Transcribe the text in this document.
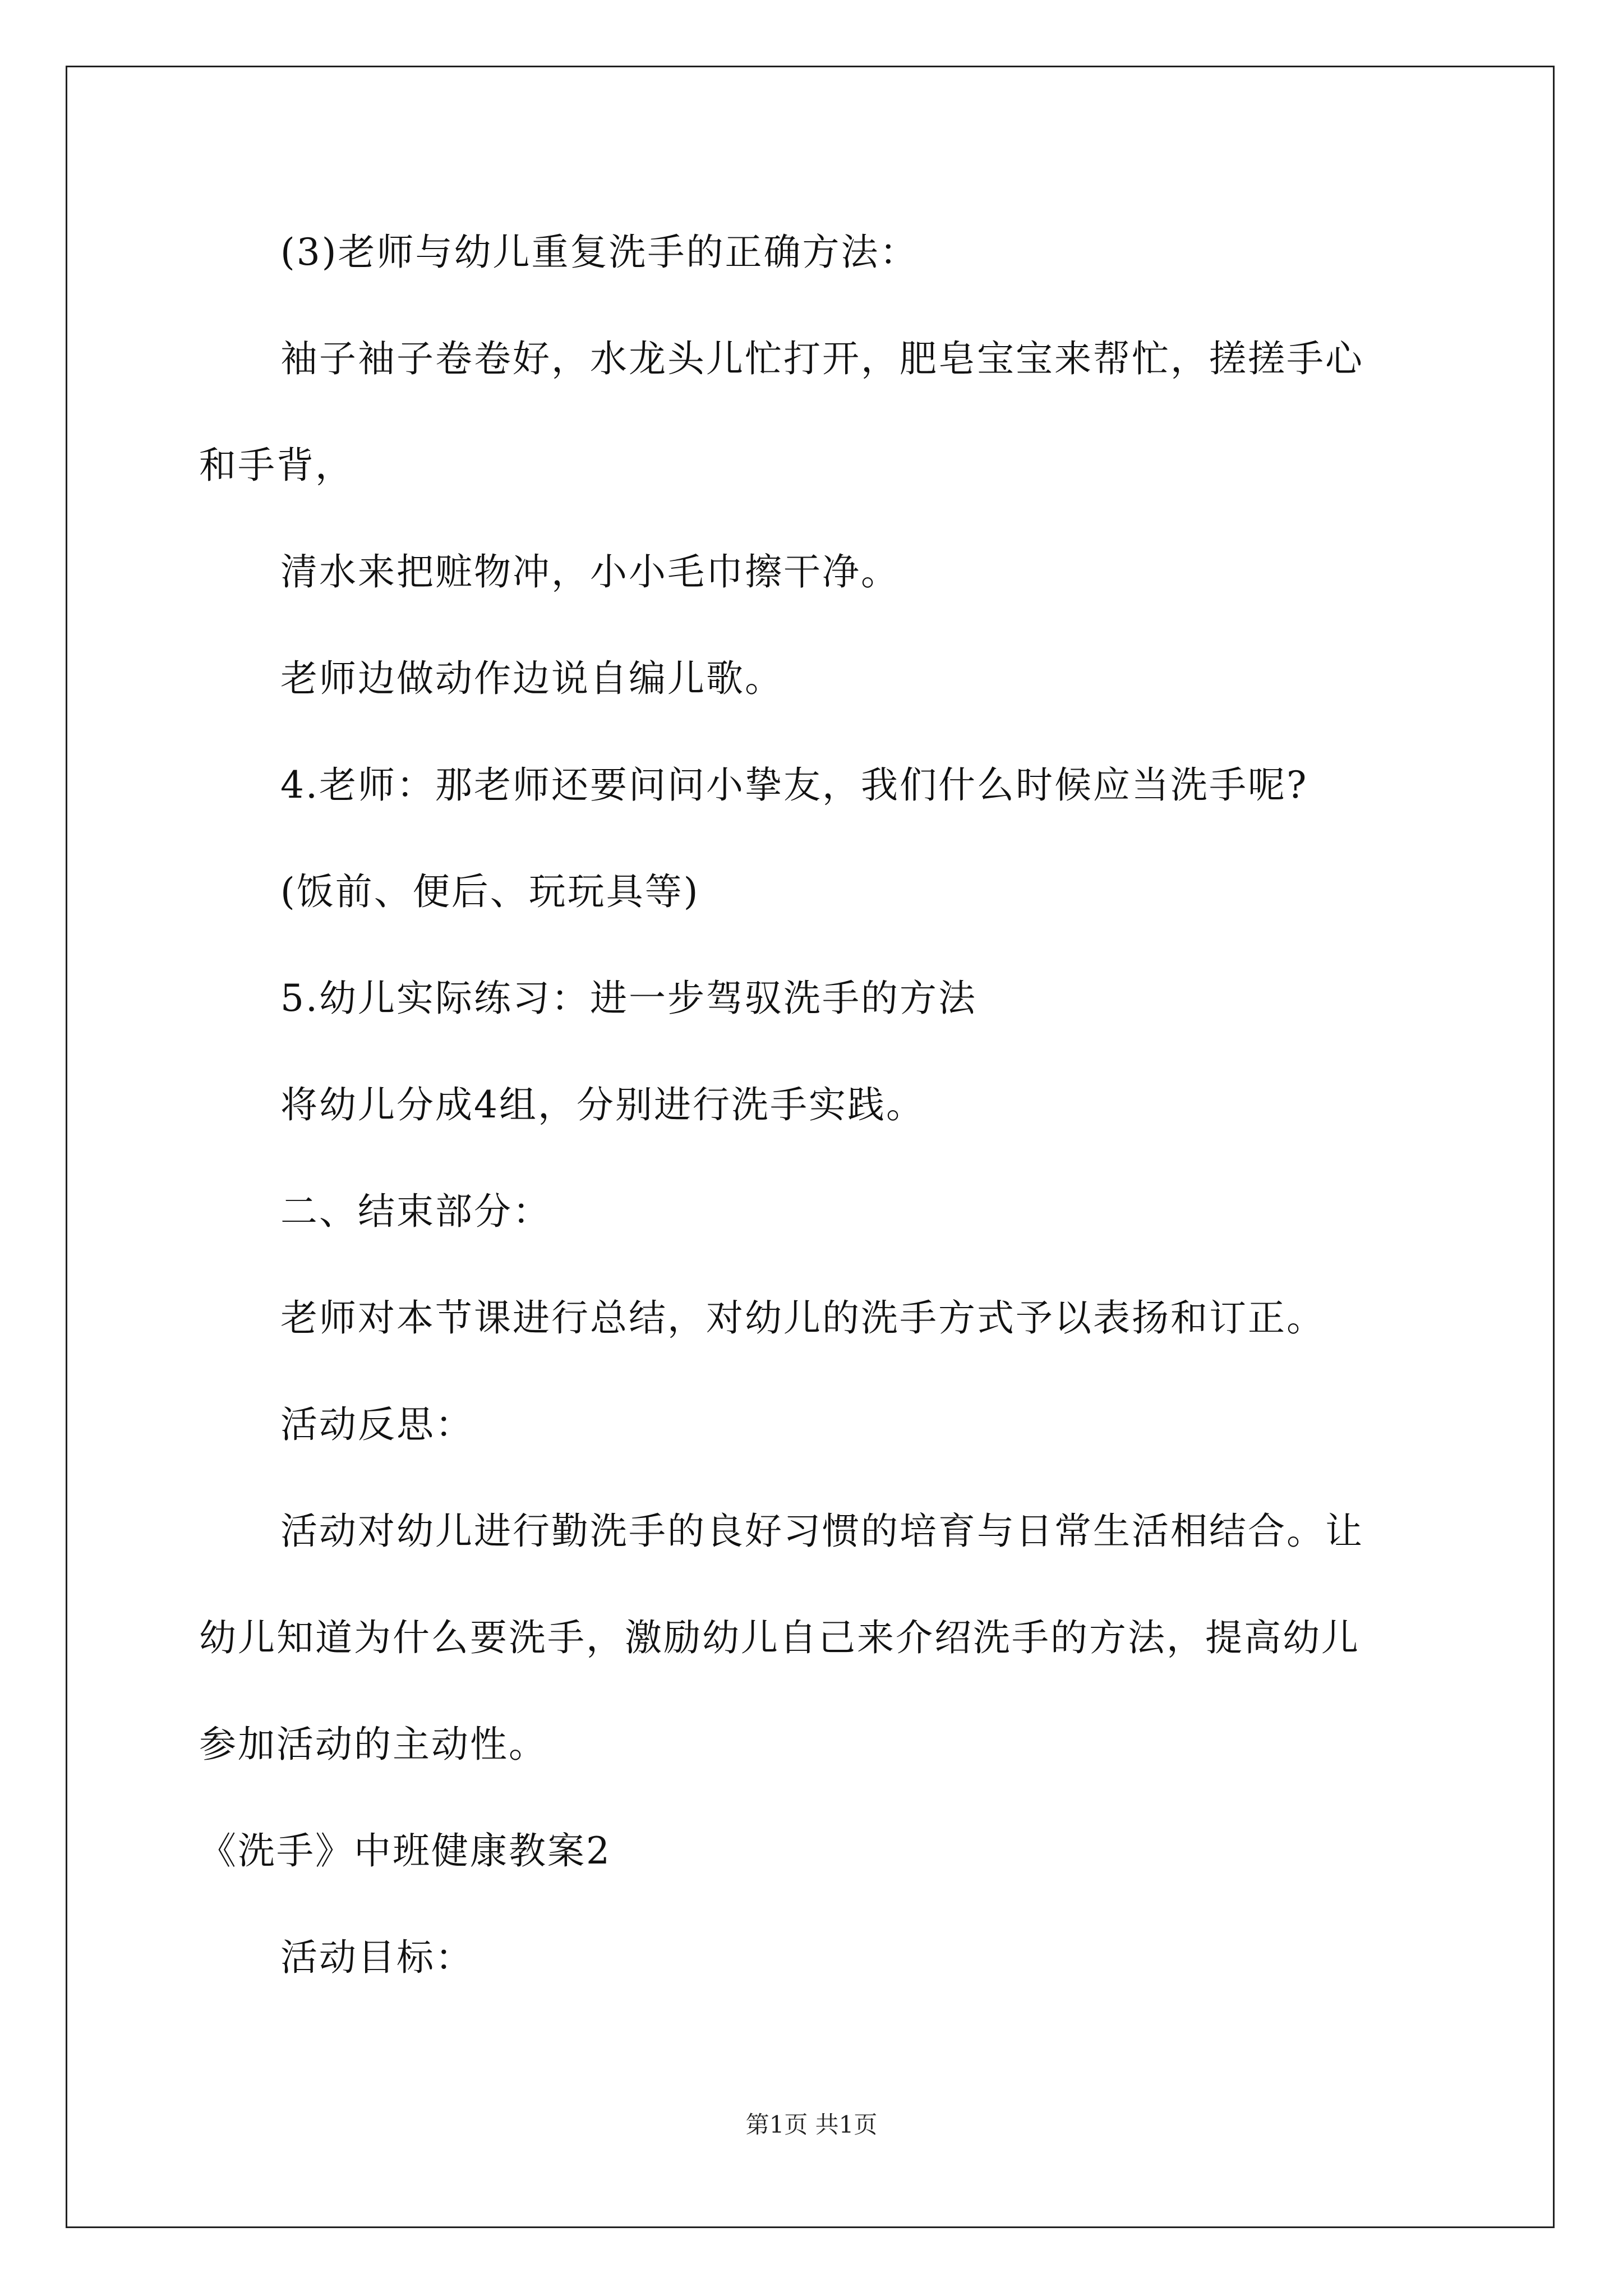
(3)老师与幼儿重复洗手的正确方法：
袖子袖子卷卷好，水龙头儿忙打开，肥皂宝宝来帮忙，搓搓手心
和手背，
清水来把赃物冲，小小毛巾擦干净。
老师边做动作边说自编儿歌。
4.老师：那老师还要问问小挚友，我们什么时候应当洗手呢?
(饭前、便后、玩玩具等)
5.幼儿实际练习：进一步驾驭洗手的方法
将幼儿分成4组，分别进行洗手实践。
二、结束部分：
老师对本节课进行总结，对幼儿的洗手方式予以表扬和订正。
活动反思：
活动对幼儿进行勤洗手的良好习惯的培育与日常生活相结合。让
幼儿知道为什么要洗手，激励幼儿自己来介绍洗手的方法，提高幼儿
参加活动的主动性。
《洗手》中班健康教案2
活动目标：
第1页 共1页
